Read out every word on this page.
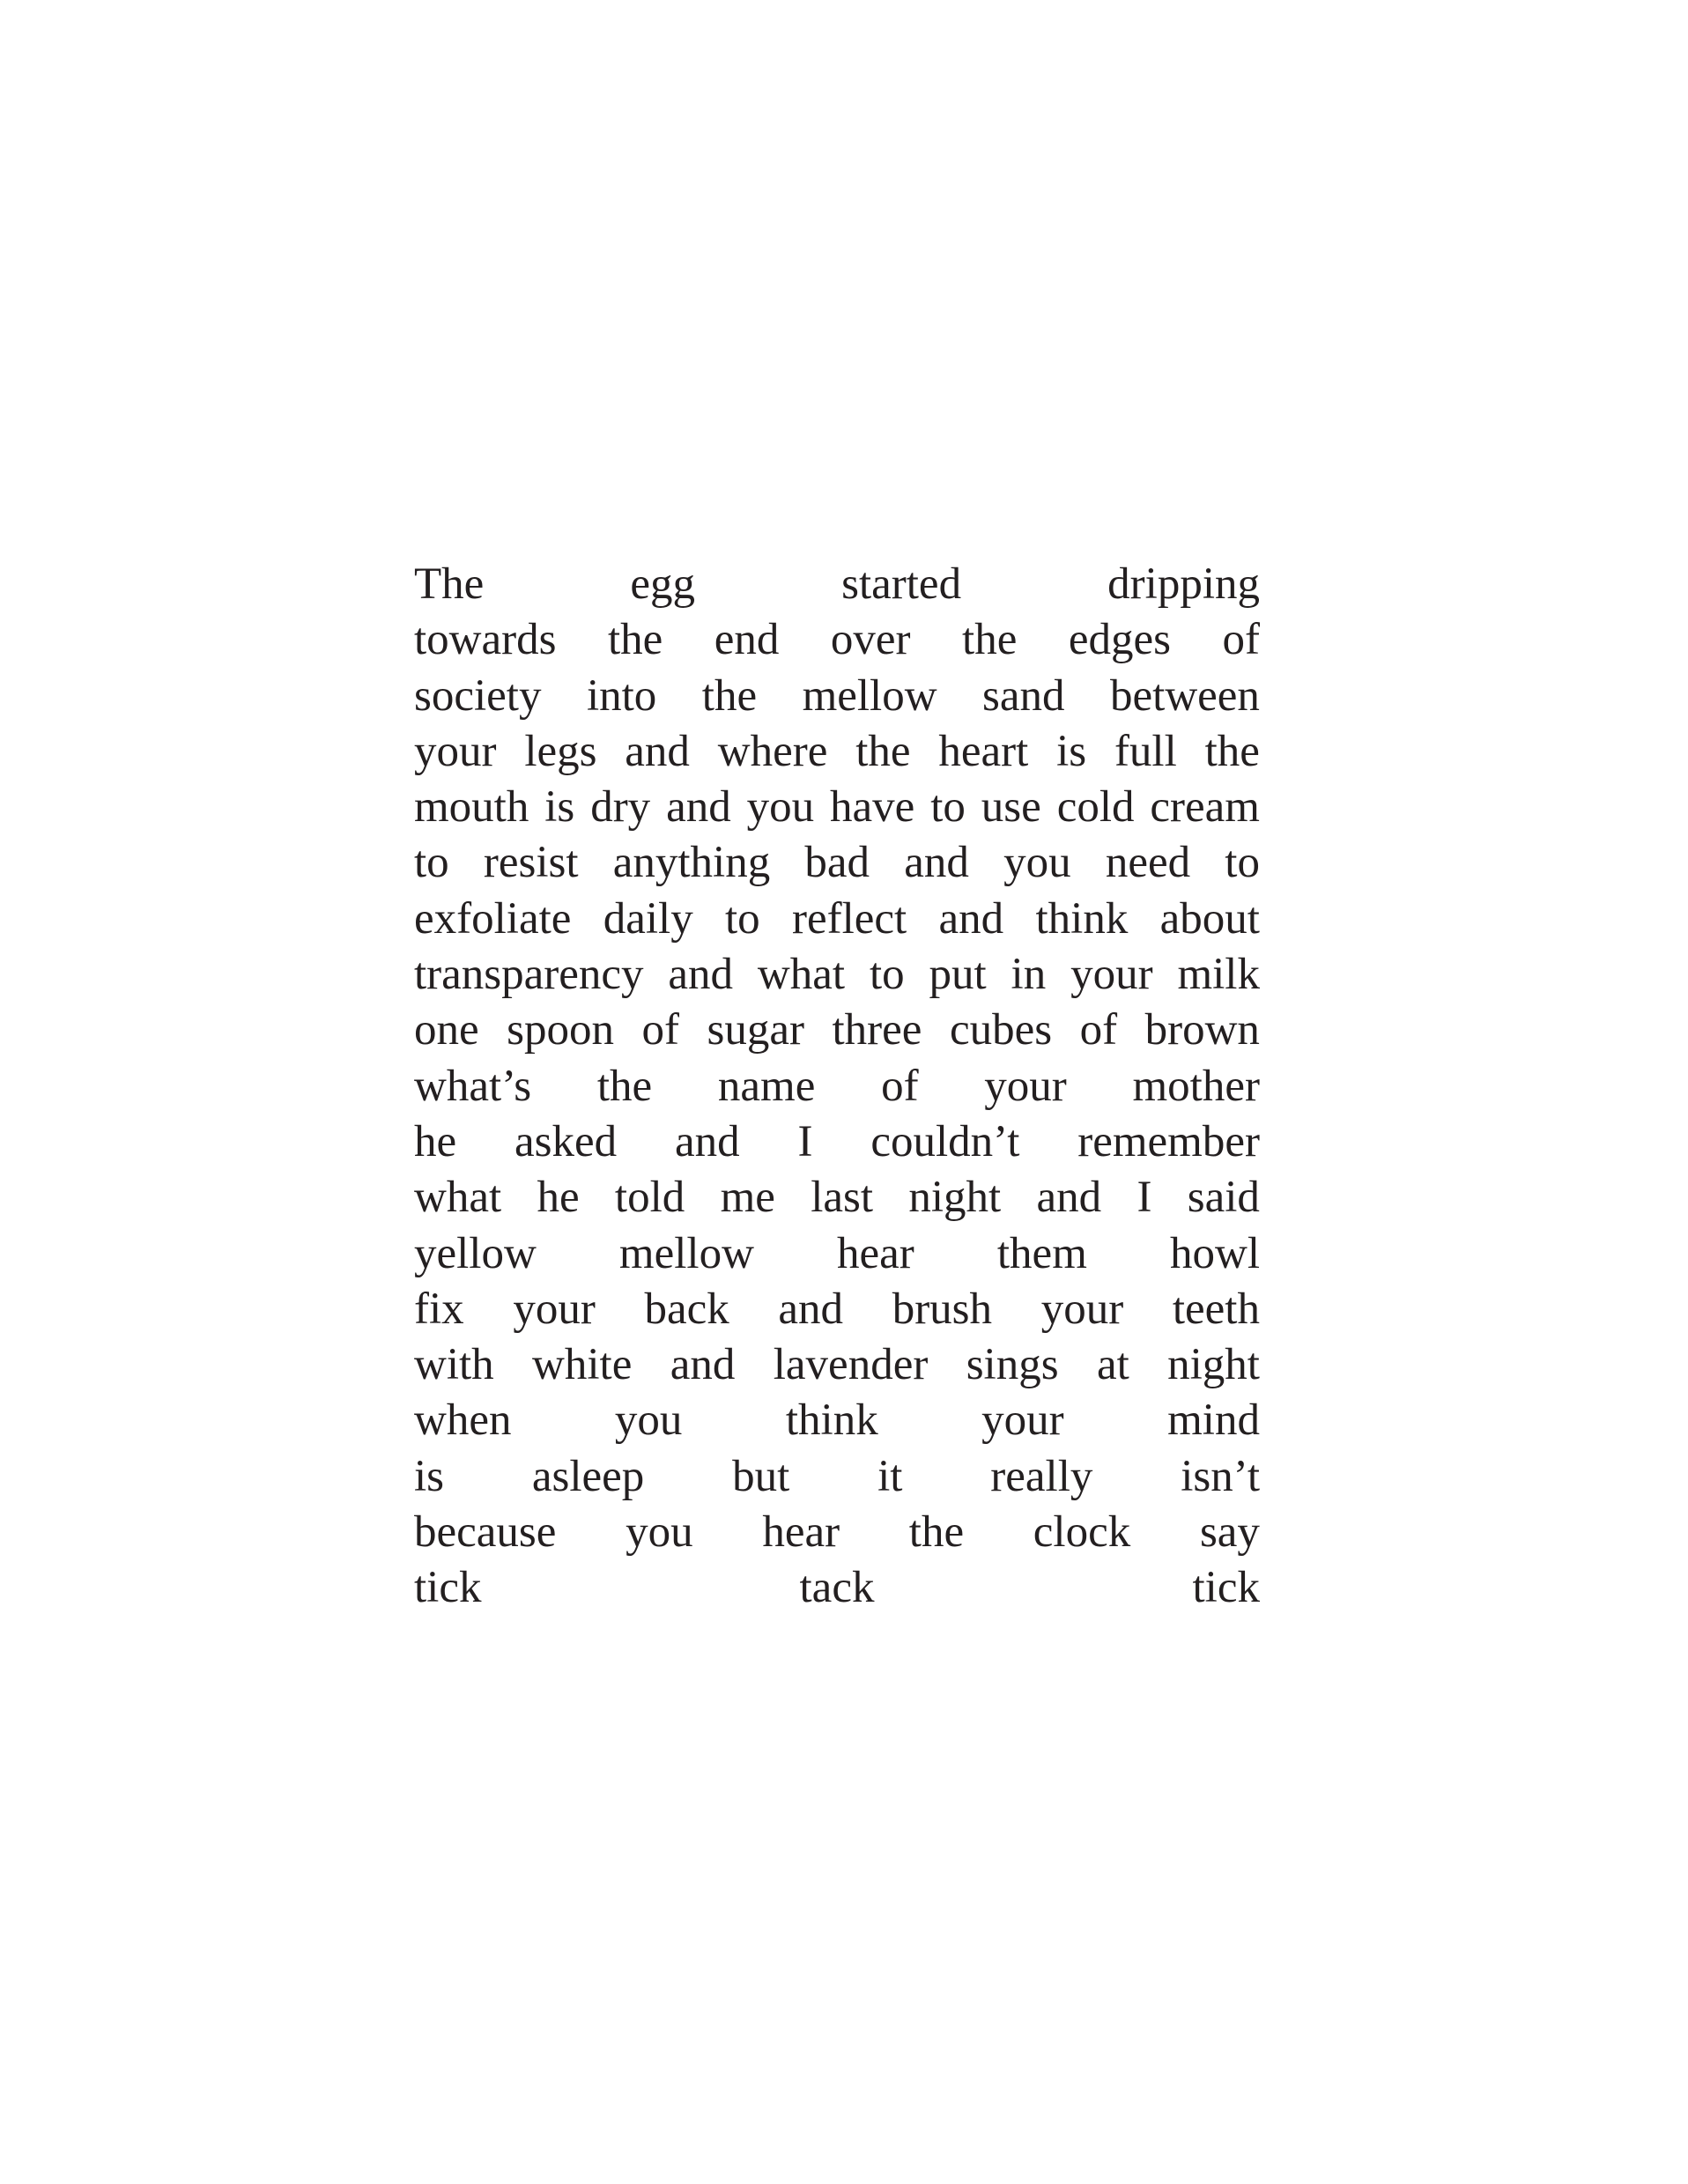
The	egg	started	dripping
towards the end over the edges of
society into the mellow sand between
your legs and where the heart is full the
mouth is dry and you have to use cold cream
to resist anything bad and you need to
exfoliate daily to reflect and think about
transparency and what to put in your milk
one spoon of sugar three cubes of brown
what’s the name of your mother
he asked and I couldn’t remember
what he told me last night and I said
yellow mellow hear them howl
fix your back and brush your teeth
with white and lavender sings at night
when you think your mind
is asleep but it really isn’t
because you hear the clock say
tick	tack	tick
